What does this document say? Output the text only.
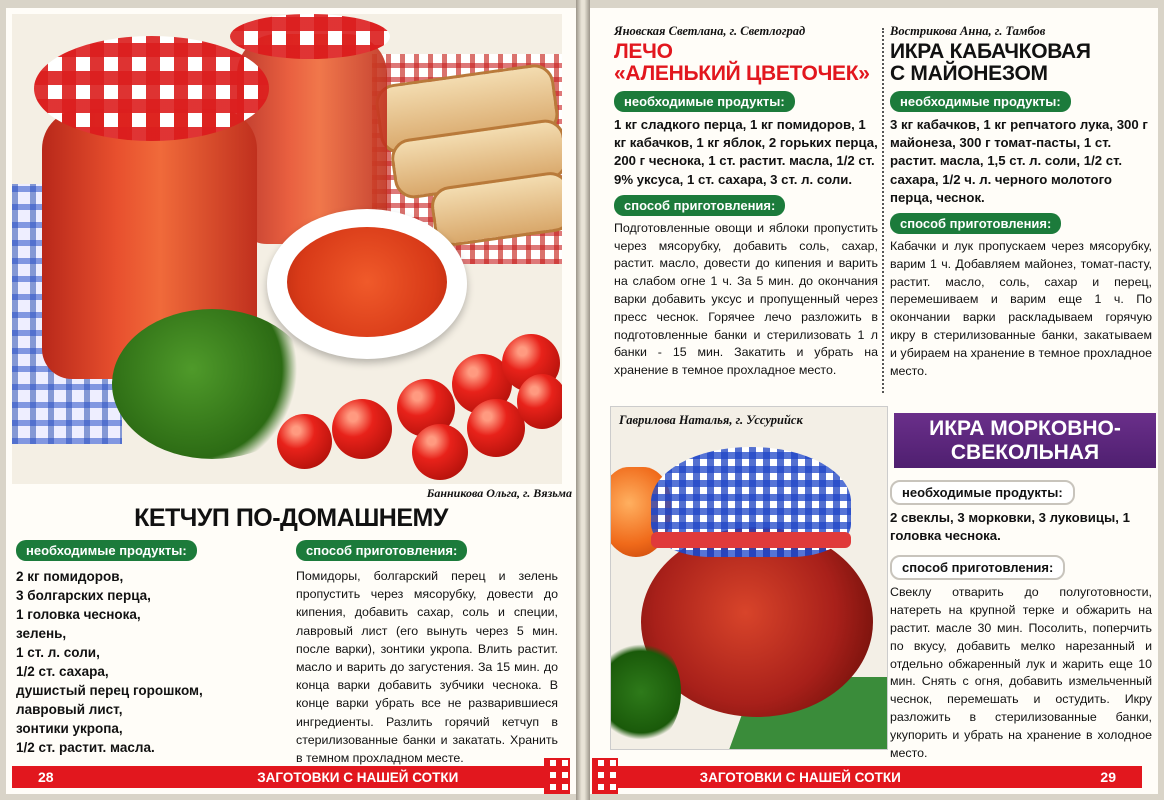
Банникова Ольга, г. Вязьма
КЕТЧУП ПО-ДОМАШНЕМУ
необходимые продукты:
2 кг помидоров,
3 болгарских перца,
1 головка чеснока,
зелень,
1 ст. л. соли,
1/2 ст. сахара,
душистый перец горошком,
лавровый лист,
зонтики укропа,
1/2 ст. растит. масла.
способ приготовления:

Помидоры, болгарский перец и зелень пропустить через мясорубку, довести до кипения, добавить сахар, соль и специи, лавровый лист (его вынуть через 5 мин. после варки), зонтики укропа. Влить растит. масло и варить до загустения. За 15 мин. до конца варки добавить зубчики чеснока. В конце варки убрать все не разварившиеся ингредиенты. Разлить горячий кетчуп в стерилизованные банки и закатать. Хранить в темном прохладном месте.

28	ЗАГОТОВКИ С НАШЕЙ СОТКИ
Яновская Светлана, г. Светлоград
ЛЕЧО
«АЛЕНЬКИЙ ЦВЕТОЧЕК»
необходимые продукты:
1 кг сладкого перца, 1 кг помидоров, 1 кг кабачков, 1 кг яблок, 2 горьких перца, 200 г чеснока, 1 ст. растит. масла, 1/2 ст. 9% уксуса, 1 ст. сахара, 3 ст. л. соли.
способ приготовления:
Подготовленные овощи и яблоки пропустить через мясорубку, добавить соль, сахар, растит. масло, довести до кипения и варить на слабом огне 1 ч. За 5 мин. до окончания варки добавить уксус и пропущенный через пресс чеснок. Горячее лечо разложить в подготовленные банки и стерилизовать 1 л банки - 15 мин. Закатить и убрать на хранение в темное прохладное место.
Вострикова Анна, г. Тамбов
ИКРА КАБАЧКОВАЯ
С МАЙОНЕЗОМ
необходимые продукты:
3 кг кабачков, 1 кг репчатого лука, 300 г майонеза, 300 г томат-пасты, 1 ст. растит. масла, 1,5 ст. л. соли, 1/2 ст. сахара, 1/2 ч. л. черного молотого перца, чеснок.
способ приготовления:
Кабачки и лук пропускаем через мясорубку, варим 1 ч. Добавляем майонез, томат-пасту, растит. масло, соль, сахар и перец, перемешиваем и варим еще 1 ч. По окончании варки раскладываем горячую икру в стерилизованные банки, закатываем и убираем на хранение в темное прохладное место.
Гаврилова Наталья, г. Уссурийск	ИКРА МОРКОВНО-
СВЕКОЛЬНАЯ
необходимые продукты:
2 свеклы, 3 морковки, 3 луковицы, 1 головка чеснока.
способ приготовления:
Свеклу отварить до полуготовности, натереть на крупной терке и обжарить на растит. масле 30 мин. Посолить, поперчить по вкусу, добавить мелко нарезанный и отдельно обжаренный лук и жарить еще 10 мин. Снять с огня, добавить измельченный чеснок, перемешать и остудить. Икру разложить в стерилизованные банки, укупорить и убрать на хранение в холодное место.
ЗАГОТОВКИ С НАШЕЙ СОТКИ	29
